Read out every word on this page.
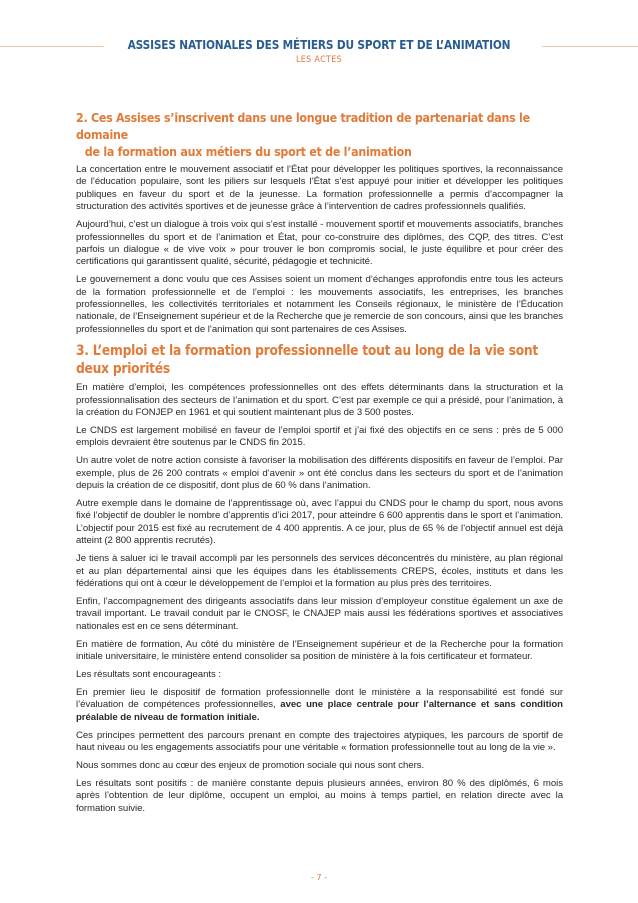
ASSISES NATIONALES DES MÉTIERS DU SPORT ET DE L’ANIMATION
LES ACTES
2. Ces Assises s’inscrivent dans une longue tradition de partenariat dans le domaine
de la formation aux métiers du sport et de l’animation

La concertation entre le mouvement associatif et l’État pour développer les politiques sportives, la reconnaissance de l’éducation populaire, sont les piliers sur lesquels l’État s’est appuyé pour initier et développer les politiques publiques en faveur du sport et de la jeunesse. La formation professionnelle a permis d’accompagner la structuration des activités sportives et de jeunesse grâce à l’intervention de cadres professionnels qualifiés.

Aujourd’hui, c’est un dialogue à trois voix qui s’est installé - mouvement sportif et mouvements associatifs, branches professionnelles du sport et de l’animation et État, pour co-construire des diplômes, des CQP, des titres. C’est parfois un dialogue « de vive voix » pour trouver le bon compromis social, le juste équilibre et pour créer des certifications qui garantissent qualité, sécurité, pédagogie et technicité.

Le gouvernement a donc voulu que ces Assises soient un moment d’échanges approfondis entre tous les acteurs de la formation professionnelle et de l’emploi : les mouvements associatifs, les entreprises, les branches professionnelles, les collectivités territoriales et notamment les Conseils régionaux, le ministère de l’Éducation nationale, de l’Enseignement supérieur et de la Recherche que je remercie de son concours, ainsi que les branches professionnelles du sport et de l’animation qui sont partenaires de ces Assises.

3. L’emploi et la formation professionnelle tout au long de la vie sont deux priorités

En matière d’emploi, les compétences professionnelles ont des effets déterminants dans la structuration et la professionnalisation des secteurs de l’animation et du sport. C’est par exemple ce qui a présidé, pour l’animation, à la création du FONJEP en 1961 et qui soutient maintenant plus de 3 500 postes.

Le CNDS est largement mobilisé en faveur de l’emploi sportif et j’ai fixé des objectifs en ce sens : près de 5 000 emplois devraient être soutenus par le CNDS fin 2015.

Un autre volet de notre action consiste à favoriser la mobilisation des différents dispositifs en faveur de l’emploi. Par exemple, plus de 26 200 contrats « emploi d’avenir » ont été conclus dans les secteurs du sport et de l’animation depuis la création de ce dispositif, dont plus de 60 % dans l’animation.

Autre exemple dans le domaine de l’apprentissage où, avec l’appui du CNDS pour le champ du sport, nous avons fixé l’objectif de doubler le nombre d’apprentis d’ici 2017, pour atteindre 6 600 apprentis dans le sport et l’animation. L’objectif pour 2015 est fixé au recrutement de 4 400 apprentis. A ce jour, plus de 65 % de l’objectif annuel est déjà atteint (2 800 apprentis recrutés).

Je tiens à saluer ici le travail accompli par les personnels des services déconcentrés du ministère, au plan régional et au plan départemental ainsi que les équipes dans les établissements CREPS, écoles, instituts et dans les fédérations qui ont à cœur le développement de l’emploi et la formation au plus près des territoires.

Enfin, l’accompagnement des dirigeants associatifs dans leur mission d’employeur constitue également un axe de travail important. Le travail conduit par le CNOSF, le CNAJEP mais aussi les fédérations sportives et associatives nationales est en ce sens déterminant.

En matière de formation, Au côté du ministère de l’Enseignement supérieur et de la Recherche pour la formation initiale universitaire, le ministère entend consolider sa position de ministère à la fois certificateur et formateur.

Les résultats sont encourageants :

En premier lieu le dispositif de formation professionnelle dont le ministère a la responsabilité est fondé sur l’évaluation de compétences professionnelles, avec une place centrale pour l’alternance et sans condition préalable de niveau de formation initiale.

Ces principes permettent des parcours prenant en compte des trajectoires atypiques, les parcours de sportif de haut niveau ou les engagements associatifs pour une véritable « formation professionnelle tout au long de la vie ».

Nous sommes donc au cœur des enjeux de promotion sociale qui nous sont chers.

Les résultats sont positifs : de manière constante depuis plusieurs années, environ 80 % des diplômés, 6 mois après l’obtention de leur diplôme, occupent un emploi, au moins à temps partiel, en relation directe avec la formation suivie.

- 7 -
